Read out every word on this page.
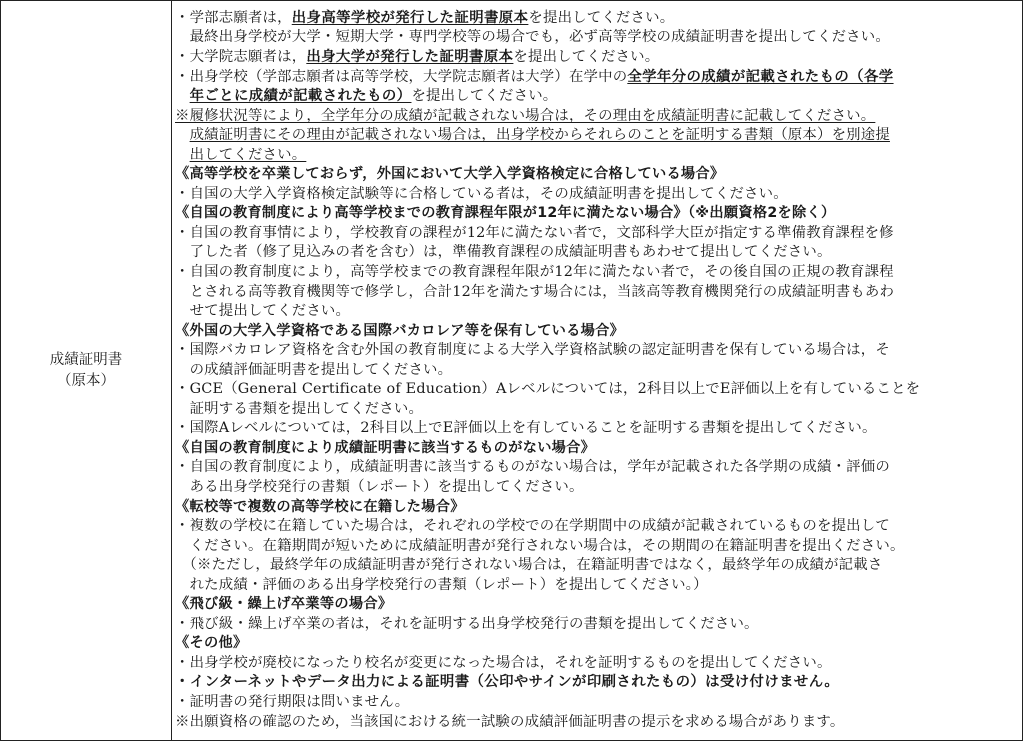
成績証明書
（原本）

・学部志願者は，出身高等学校が発行した証明書原本を提出してください。
　最終出身学校が大学・短期大学・専門学校等の場合でも，必ず高等学校の成績証明書を提出してください。
・大学院志願者は，出身大学が発行した証明書原本を提出してください。
・出身学校（学部志願者は高等学校，大学院志願者は大学）在学中の全学年分の成績が記載されたもの（各学
　年ごとに成績が記載されたもの）を提出してください。
※履修状況等により，全学年分の成績が記載されない場合は，その理由を成績証明書に記載してください。
　成績証明書にその理由が記載されない場合は，出身学校からそれらのことを証明する書類（原本）を別途提
　出してください。
《高等学校を卒業しておらず，外国において大学入学資格検定に合格している場合》
・自国の大学入学資格検定試験等に合格している者は，その成績証明書を提出してください。
《自国の教育制度により高等学校までの教育課程年限が12年に満たない場合》（※出願資格2を除く）
・自国の教育事情により，学校教育の課程が12年に満たない者で，文部科学大臣が指定する準備教育課程を修
　了した者（修了見込みの者を含む）は，準備教育課程の成績証明書もあわせて提出してください。
・自国の教育制度により，高等学校までの教育課程年限が12年に満たない者で，その後自国の正規の教育課程
　とされる高等教育機関等で修学し，合計12年を満たす場合には，当該高等教育機関発行の成績証明書もあわ
　せて提出してください。
《外国の大学入学資格である国際バカロレア等を保有している場合》
・国際バカロレア資格を含む外国の教育制度による大学入学資格試験の認定証明書を保有している場合は，そ
　の成績評価証明書を提出してください。
・GCE（General Certificate of Education）Aレベルについては，2科目以上でE評価以上を有していることを
　証明する書類を提出してください。
・国際Aレベルについては，2科目以上でE評価以上を有していることを証明する書類を提出してください。
《自国の教育制度により成績証明書に該当するものがない場合》
・自国の教育制度により，成績証明書に該当するものがない場合は，学年が記載された各学期の成績・評価の
　ある出身学校発行の書類（レポート）を提出してください。
《転校等で複数の高等学校に在籍した場合》
・複数の学校に在籍していた場合は，それぞれの学校での在学期間中の成績が記載されているものを提出して
　ください。在籍期間が短いために成績証明書が発行されない場合は，その期間の在籍証明書を提出ください。
　（※ただし，最終学年の成績証明書が発行されない場合は，在籍証明書ではなく，最終学年の成績が記載さ
　れた成績・評価のある出身学校発行の書類（レポート）を提出してください。）
《飛び級・繰上げ卒業等の場合》
・飛び級・繰上げ卒業の者は，それを証明する出身学校発行の書類を提出してください。
《その他》
・出身学校が廃校になったり校名が変更になった場合は，それを証明するものを提出してください。
・インターネットやデータ出力による証明書（公印やサインが印刷されたもの）は受け付けません。
・証明書の発行期限は問いません。
※出願資格の確認のため，当該国における統一試験の成績評価証明書の提示を求める場合があります。
